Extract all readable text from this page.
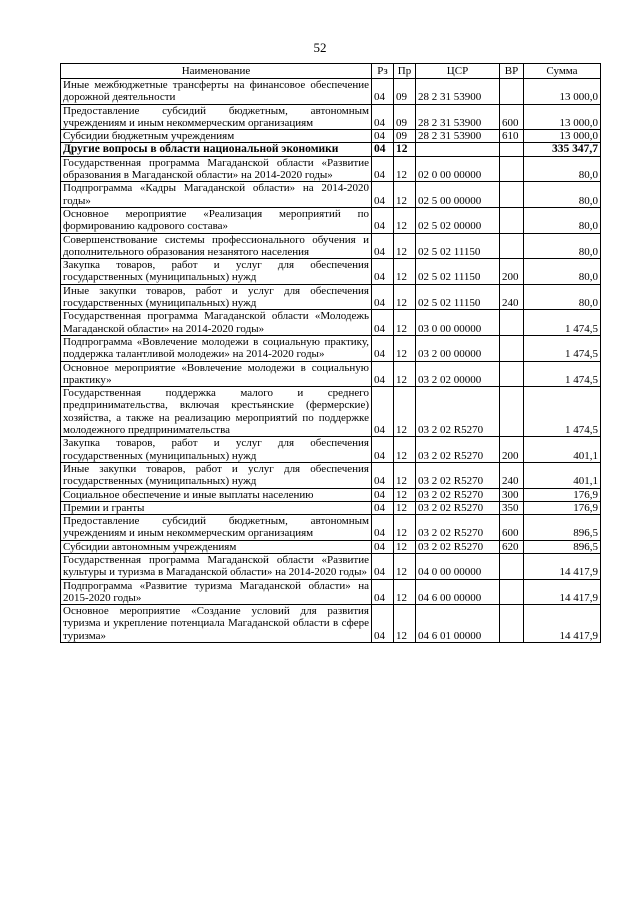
52
Наименование	Рз	Пр	ЦСР	ВР	Сумма
Иные межбюджетные трансферты на финансовое обеспечение дорожной деятельности	04	09	28 2 31 53900		13 000,0
Предоставление субсидий бюджетным, автономным учреждениям и иным некоммерческим организациям	04	09	28 2 31 53900	600	13 000,0
Субсидии бюджетным учреждениям	04	09	28 2 31 53900	610	13 000,0
Другие вопросы в области национальной экономики	04	12			335 347,7
Государственная программа Магаданской области «Развитие образования в Магаданской области» на 2014-2020 годы»	04	12	02 0 00 00000		80,0
Подпрограмма «Кадры Магаданской области» на 2014-2020 годы»	04	12	02 5 00 00000		80,0
Основное мероприятие «Реализация мероприятий по формированию кадрового состава»	04	12	02 5 02 00000		80,0
Совершенствование системы профессионального обучения и дополнительного образования незанятого населения	04	12	02 5 02 11150		80,0
Закупка товаров, работ и услуг для обеспечения государственных (муниципальных) нужд	04	12	02 5 02 11150	200	80,0
Иные закупки товаров, работ и услуг для обеспечения государственных (муниципальных) нужд	04	12	02 5 02 11150	240	80,0
Государственная программа Магаданской области «Молодежь Магаданской области» на 2014-2020 годы»	04	12	03 0 00 00000		1 474,5
Подпрограмма «Вовлечение молодежи в социальную практику, поддержка талантливой молодежи» на 2014-2020 годы»	04	12	03 2 00 00000		1 474,5
Основное мероприятие «Вовлечение молодежи в социальную практику»	04	12	03 2 02 00000		1 474,5
Государственная поддержка малого и среднего предпринимательства, включая крестьянские (фермерские) хозяйства, а также на реализацию мероприятий по поддержке молодежного предпринимательства	04	12	03 2 02 R5270		1 474,5
Закупка товаров, работ и услуг для обеспечения государственных (муниципальных) нужд	04	12	03 2 02 R5270	200	401,1
Иные закупки товаров, работ и услуг для обеспечения государственных (муниципальных) нужд	04	12	03 2 02 R5270	240	401,1
Социальное обеспечение и иные выплаты населению	04	12	03 2 02 R5270	300	176,9
Премии и гранты	04	12	03 2 02 R5270	350	176,9
Предоставление субсидий бюджетным, автономным учреждениям и иным некоммерческим организациям	04	12	03 2 02 R5270	600	896,5
Субсидии автономным учреждениям	04	12	03 2 02 R5270	620	896,5
Государственная программа Магаданской области «Развитие культуры и туризма в Магаданской области» на 2014-2020 годы»	04	12	04 0 00 00000		14 417,9
Подпрограмма «Развитие туризма Магаданской области» на 2015-2020 годы»	04	12	04 6 00 00000		14 417,9
Основное мероприятие «Создание условий для развития туризма и укрепление потенциала Магаданской области в сфере туризма»	04	12	04 6 01 00000		14 417,9
